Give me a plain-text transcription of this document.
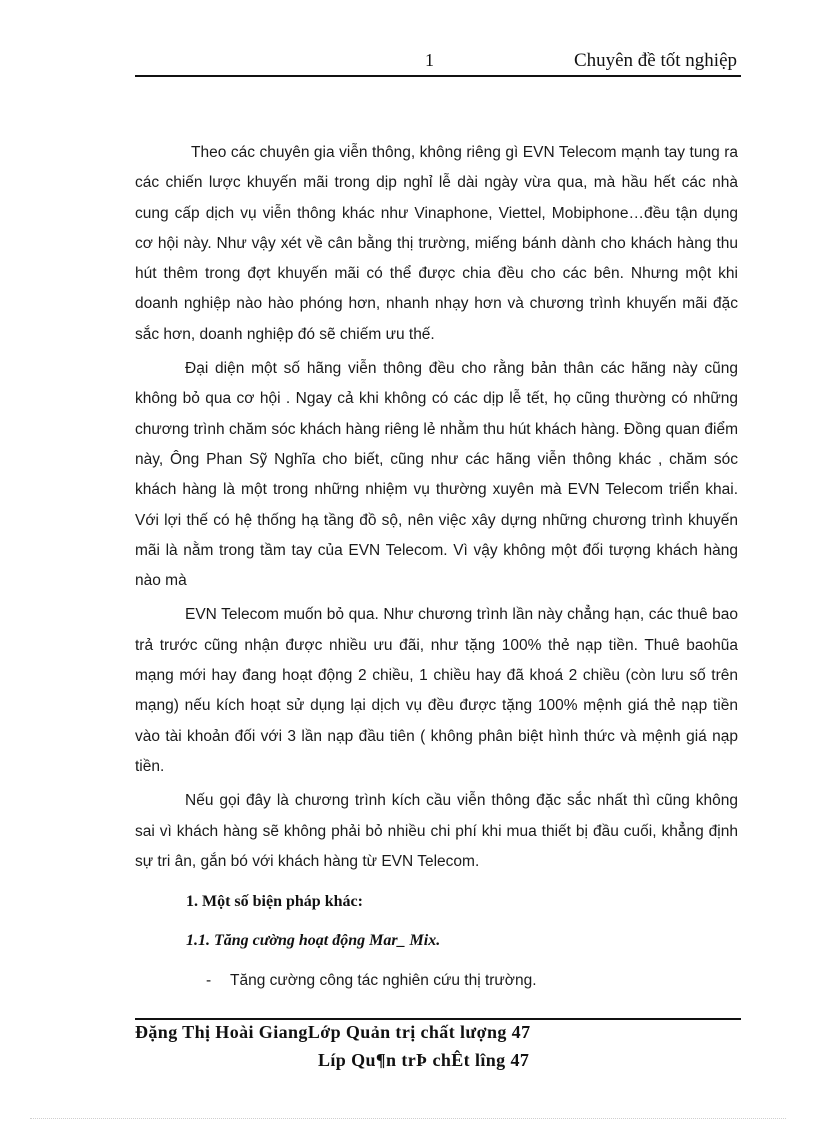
1	Chuyên đề tốt nghiệp

Theo các chuyên gia viễn thông, không riêng gì EVN Telecom mạnh tay tung ra các chiến lược khuyến mãi trong dịp nghỉ lễ dài ngày vừa qua, mà hầu hết các nhà cung cấp dịch vụ viễn thông khác như Vinaphone, Viettel, Mobiphone…đều tận dụng cơ hội này. Như vậy xét về cân bằng thị trường, miếng bánh dành cho khách hàng thu hút thêm trong đợt khuyến mãi có thể được chia đều cho các bên. Nhưng một khi doanh nghiệp nào hào phóng hơn, nhanh nhạy hơn và chương trình khuyến mãi đặc sắc hơn, doanh nghiệp đó sẽ chiếm ưu thế.

Đại diện một số hãng viễn thông đều cho rằng bản thân các hãng này cũng không bỏ qua cơ hội . Ngay cả khi không có các dịp lễ tết, họ cũng thường có những chương trình chăm sóc khách hàng riêng lẻ nhằm thu hút khách hàng. Đồng quan điểm này, Ông Phan Sỹ Nghĩa cho biết, cũng như các hãng viễn thông khác , chăm sóc khách hàng là một trong những nhiệm vụ thường xuyên mà EVN Telecom triển khai. Với lợi thế có hệ thống hạ tầng đồ sộ, nên việc xây dựng những chương trình khuyến mãi là nằm trong tầm tay của EVN Telecom. Vì vậy không một đối tượng khách hàng nào mà

EVN Telecom muốn bỏ qua. Như chương trình lần này chẳng hạn, các thuê bao trả trước cũng nhận được nhiều ưu đãi, như tặng 100% thẻ nạp tiền. Thuê baohũa mạng mới hay đang hoạt động 2 chiều, 1 chiều hay đã khoá 2 chiều (còn lưu số trên mạng) nếu kích hoạt sử dụng lại dịch vụ đều được tặng 100% mệnh giá thẻ nạp tiền vào tài khoản đối với 3 lần nạp đầu tiên ( không phân biệt hình thức và mệnh giá nạp tiền.

Nếu gọi đây là chương trình kích cầu viễn thông đặc sắc nhất thì cũng không sai vì khách hàng sẽ không phải bỏ nhiều chi phí khi mua thiết bị đầu cuối, khẳng định sự tri ân, gắn bó với khách hàng từ EVN Telecom.

1. Một số biện pháp khác:
1.1. Tăng cường hoạt động Mar_ Mix.
- Tăng cường công tác nghiên cứu thị trường.
Đặng Thị Hoài GiangLớp Quản trị chất lượng 47
Líp Qu¶n trÞ chÊt lîng 47
